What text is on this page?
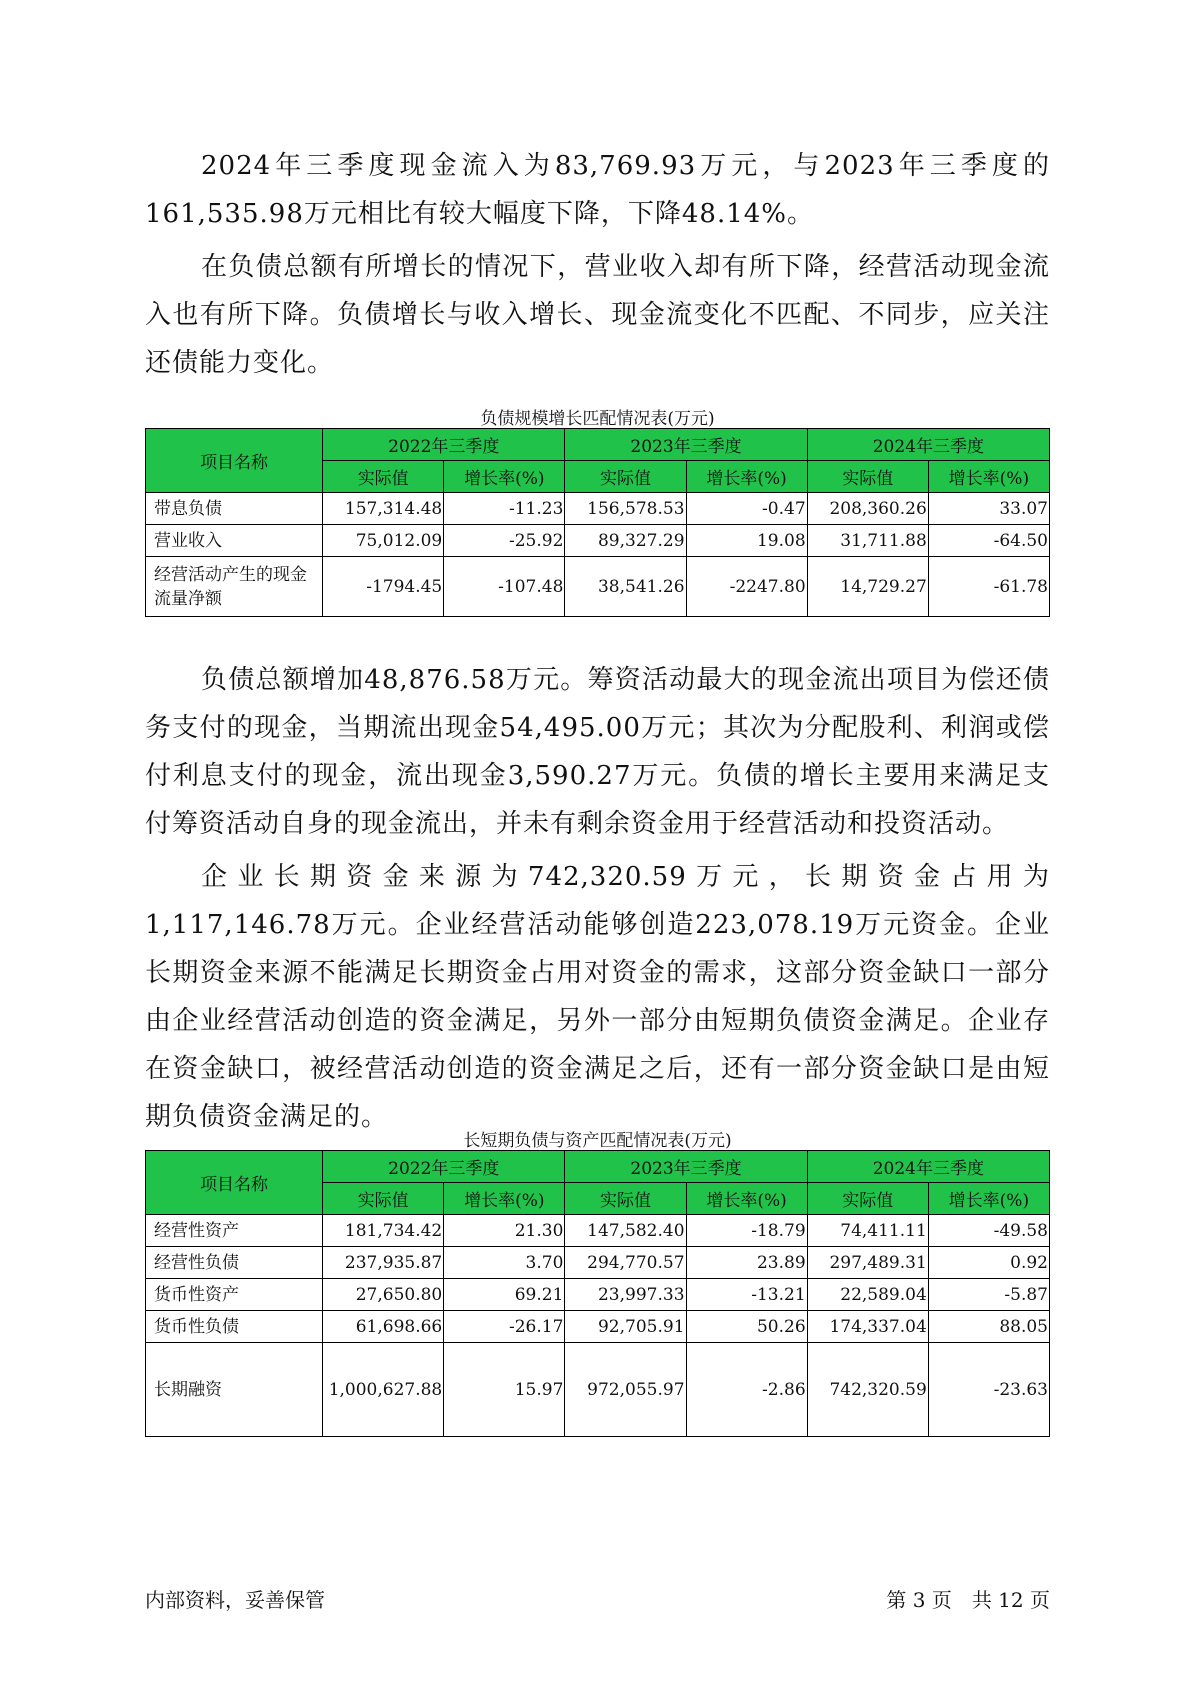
2024年三季度现金流入为83,769.93万元，与2023年三季度的161,535.98万元相比有较大幅度下降，下降48.14%。

在负债总额有所增长的情况下，营业收入却有所下降，经营活动现金流入也有所下降。负债增长与收入增长、现金流变化不匹配、不同步，应关注还债能力变化。

负债规模增长匹配情况表(万元)

项目名称	2022年三季度		2023年三季度		2024年三季度	
	实际值	增长率(%)	实际值	增长率(%)	实际值	增长率(%)
带息负债	157,314.48	-11.23	156,578.53	-0.47	208,360.26	33.07
营业收入	75,012.09	-25.92	89,327.29	19.08	31,711.88	-64.50
经营活动产生的现金流量净额	-1794.45	-107.48	38,541.26	-2247.80	14,729.27	-61.78

负债总额增加48,876.58万元。筹资活动最大的现金流出项目为偿还债务支付的现金，当期流出现金54,495.00万元；其次为分配股利、利润或偿付利息支付的现金，流出现金3,590.27万元。负债的增长主要用来满足支付筹资活动自身的现金流出，并未有剩余资金用于经营活动和投资活动。

企业长期资金来源为742,320.59万元，长期资金占用为1,117,146.78万元。企业经营活动能够创造223,078.19万元资金。企业长期资金来源不能满足长期资金占用对资金的需求，这部分资金缺口一部分由企业经营活动创造的资金满足，另外一部分由短期负债资金满足。企业存在资金缺口，被经营活动创造的资金满足之后，还有一部分资金缺口是由短期负债资金满足的。

长短期负债与资产匹配情况表(万元)

项目名称	2022年三季度		2023年三季度		2024年三季度	
	实际值	增长率(%)	实际值	增长率(%)	实际值	增长率(%)
经营性资产	181,734.42	21.30	147,582.40	-18.79	74,411.11	-49.58
经营性负债	237,935.87	3.70	294,770.57	23.89	297,489.31	0.92
货币性资产	27,650.80	69.21	23,997.33	-13.21	22,589.04	-5.87
货币性负债	61,698.66	-26.17	92,705.91	50.26	174,337.04	88.05
长期融资	1,000,627.88	15.97	972,055.97	-2.86	742,320.59	-23.63
内部资料，妥善保管	第 3 页　共 12 页
